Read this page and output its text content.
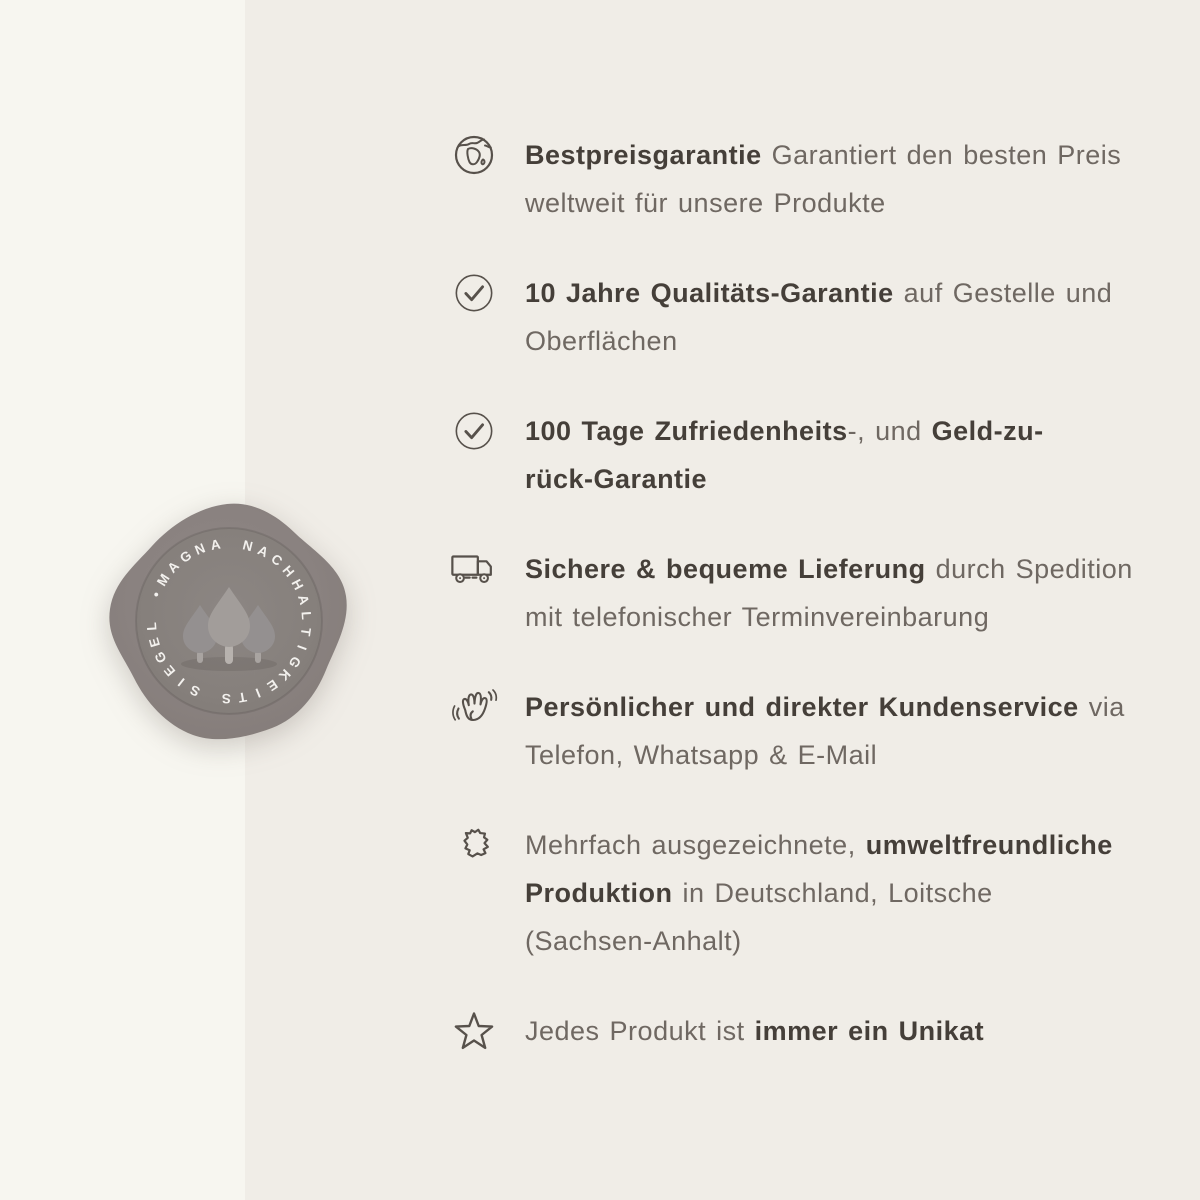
M
A
G
N A N A
C
H
H
A
L
T
I
G
K
E
I
T
S
S
I
E
G
E
L
•
Bestpreisgarantie Garantiert den besten Preis
weltweit für unsere Produkte
10 Jahre Qualitäts-Garantie auf Gestelle und
Oberflächen
100 Tage Zufriedenheits-, und Geld-zu-
rück-Garantie
Sichere & bequeme Lieferung durch Spedition
mit telefonischer Terminvereinbarung
Persönlicher und direkter Kundenservice via
Telefon, Whatsapp & E-Mail
Mehrfach ausgezeichnete, umweltfreundliche
Produktion in Deutschland, Loitsche
(Sachsen-Anhalt)
Jedes Produkt ist immer ein Unikat
